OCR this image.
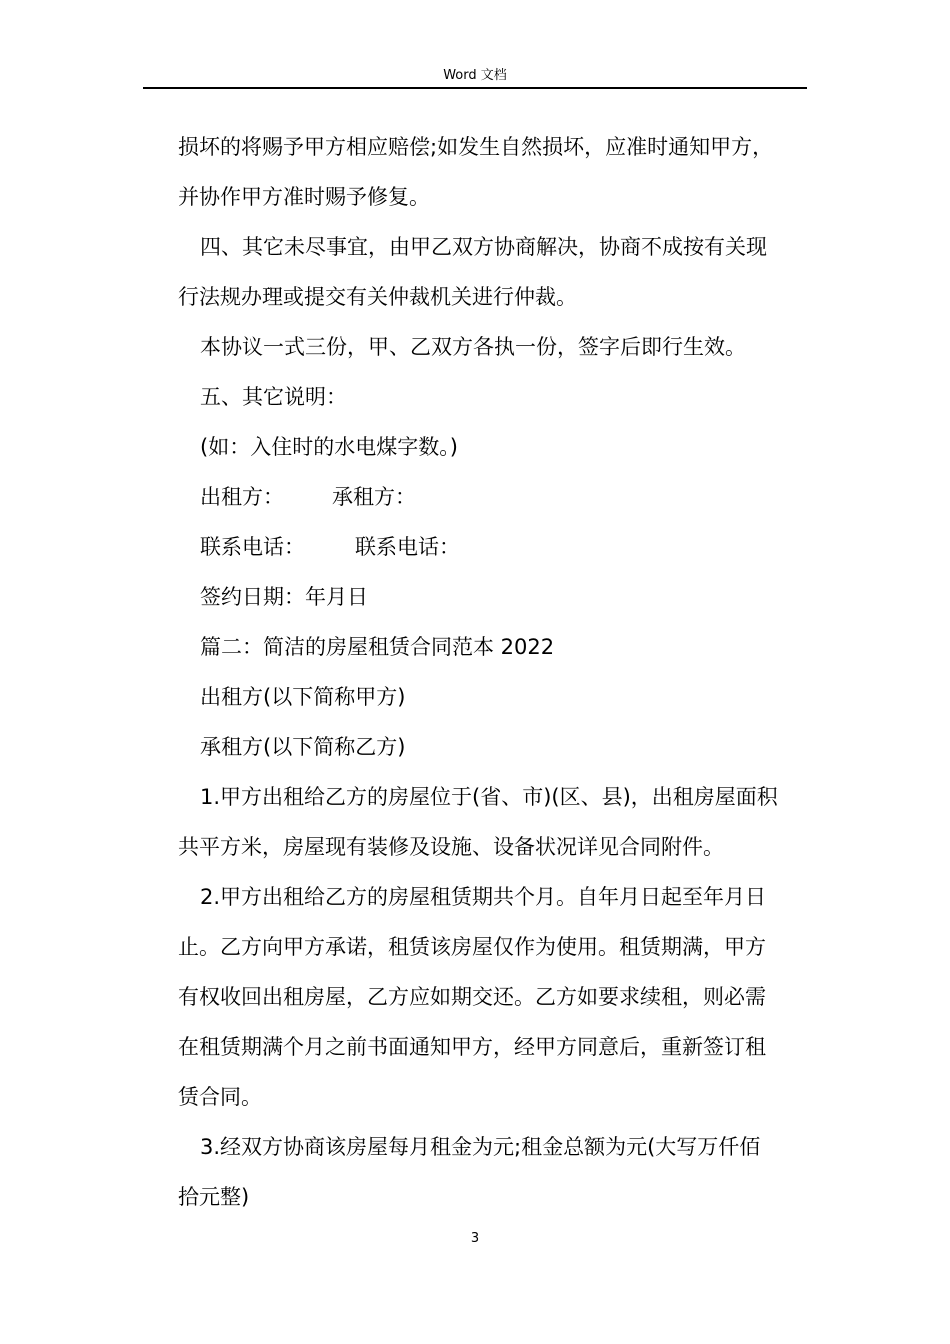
Word 文档

损坏的将赐予甲方相应赔偿;如发生自然损坏，应准时通知甲方，

并协作甲方准时赐予修复。

四、其它未尽事宜，由甲乙双方协商解决，协商不成按有关现

行法规办理或提交有关仲裁机关进行仲裁。

本协议一式三份，甲、乙双方各执一份，签字后即行生效。

五、其它说明：

(如：入住时的水电煤字数。)

出租方： 承租方：

联系电话： 联系电话：

签约日期：年月日

篇二：简洁的房屋租赁合同范本 2022

出租方(以下简称甲方)

承租方(以下简称乙方)

1.甲方出租给乙方的房屋位于(省、市)(区、县)，出租房屋面积

共平方米，房屋现有装修及设施、设备状况详见合同附件。

2.甲方出租给乙方的房屋租赁期共个月。自年月日起至年月日

止。乙方向甲方承诺，租赁该房屋仅作为使用。租赁期满，甲方

有权收回出租房屋，乙方应如期交还。乙方如要求续租，则必需

在租赁期满个月之前书面通知甲方，经甲方同意后，重新签订租

赁合同。

3.经双方协商该房屋每月租金为元;租金总额为元(大写万仟佰

拾元整)

3
